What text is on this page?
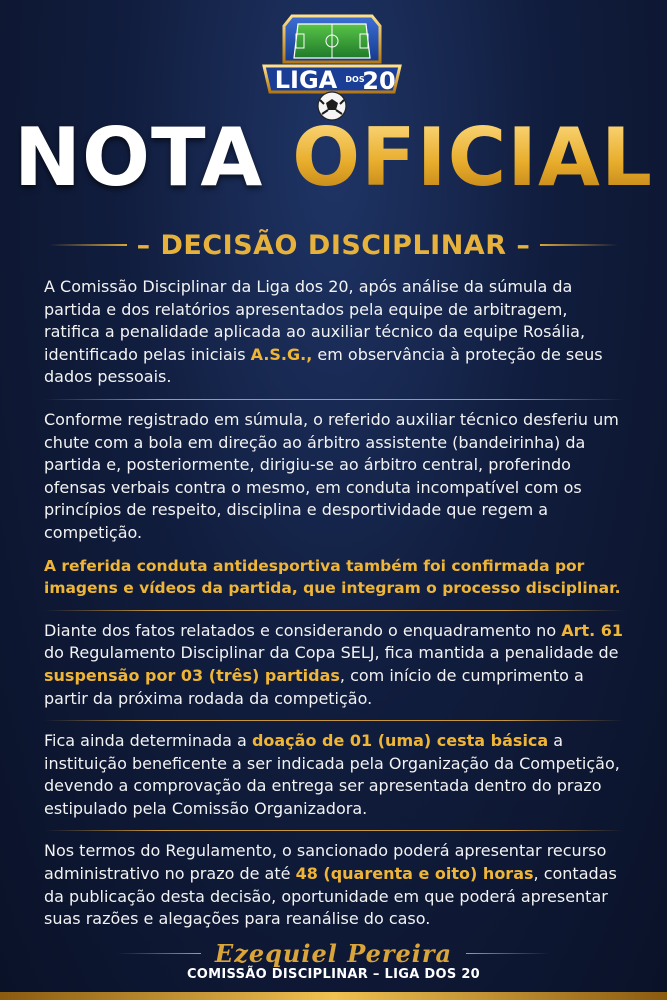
LIGA DOS
20
NOTA OFICIAL
– DECISÃO DISCIPLINAR –

A Comissão Disciplinar da Liga dos 20, após análise da súmula da partida e dos relatórios apresentados pela equipe de arbitragem, ratifica a penalidade aplicada ao auxiliar técnico da equipe Rosália, identificado pelas iniciais A.S.G., em observância à proteção de seus dados pessoais.

Conforme registrado em súmula, o referido auxiliar técnico desferiu um chute com a bola em direção ao árbitro assistente (bandeirinha) da partida e, posteriormente, dirigiu-se ao árbitro central, proferindo ofensas verbais contra o mesmo, em conduta incompatível com os princípios de respeito, disciplina e desportividade que regem a competição.

A referida conduta antidesportiva também foi confirmada por imagens e vídeos da partida, que integram o processo disciplinar.

Diante dos fatos relatados e considerando o enquadramento no Art. 61 do Regulamento Disciplinar da Copa SELJ, fica mantida a penalidade de suspensão por 03 (três) partidas, com início de cumprimento a partir da próxima rodada da competição.

Fica ainda determinada a doação de 01 (uma) cesta básica a instituição beneficente a ser indicada pela Organização da Competição, devendo a comprovação da entrega ser apresentada dentro do prazo estipulado pela Comissão Organizadora.

Nos termos do Regulamento, o sancionado poderá apresentar recurso administrativo no prazo de até 48 (quarenta e oito) horas, contadas da publicação desta decisão, oportunidade em que poderá apresentar suas razões e alegações para reanálise do caso.

Ezequiel Pereira
COMISSÃO DISCIPLINAR – LIGA DOS 20
